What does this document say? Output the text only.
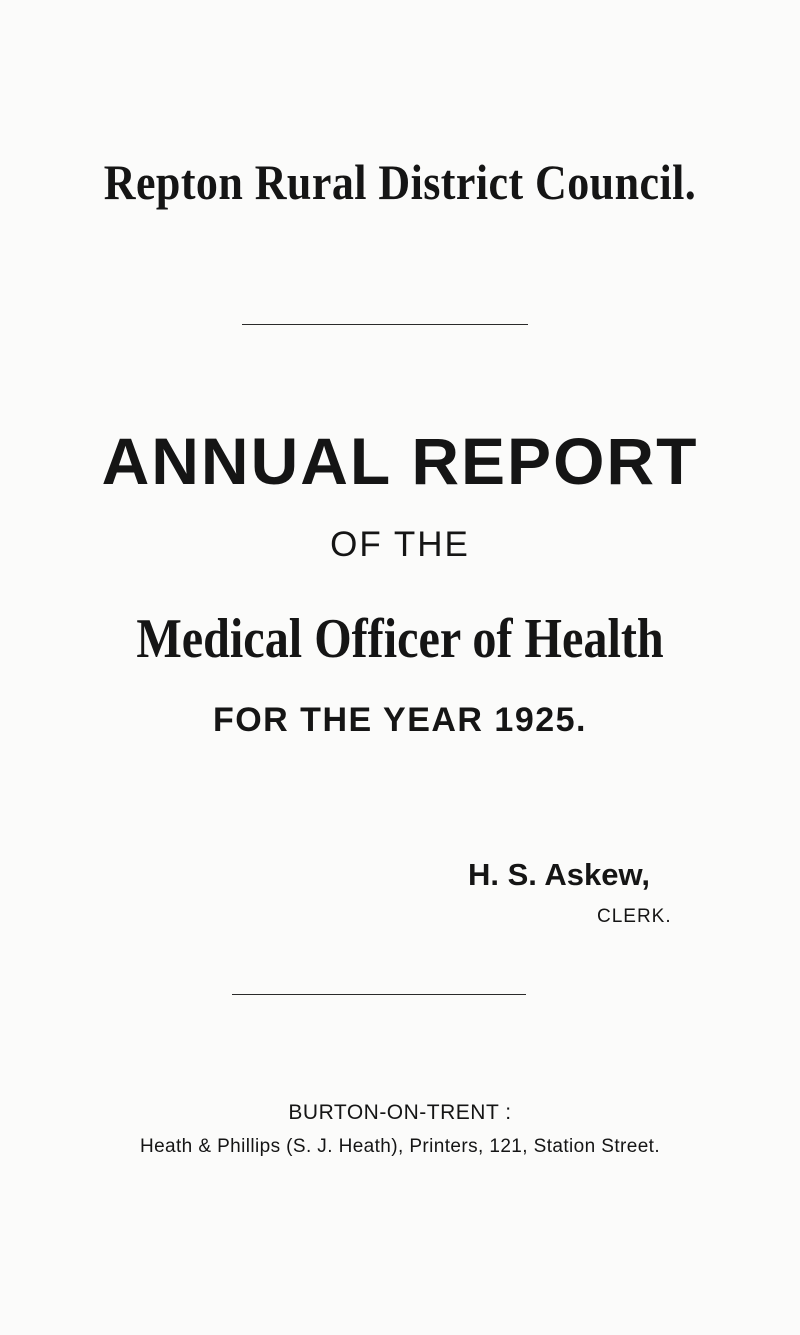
Repton Rural District Council.
ANNUAL REPORT
OF THE
Medical Officer of Health
FOR THE YEAR 1925.
H. S. Askew,
CLERK.
BURTON-ON-TRENT :
Heath & Phillips (S. J. Heath), Printers, 121, Station Street.
